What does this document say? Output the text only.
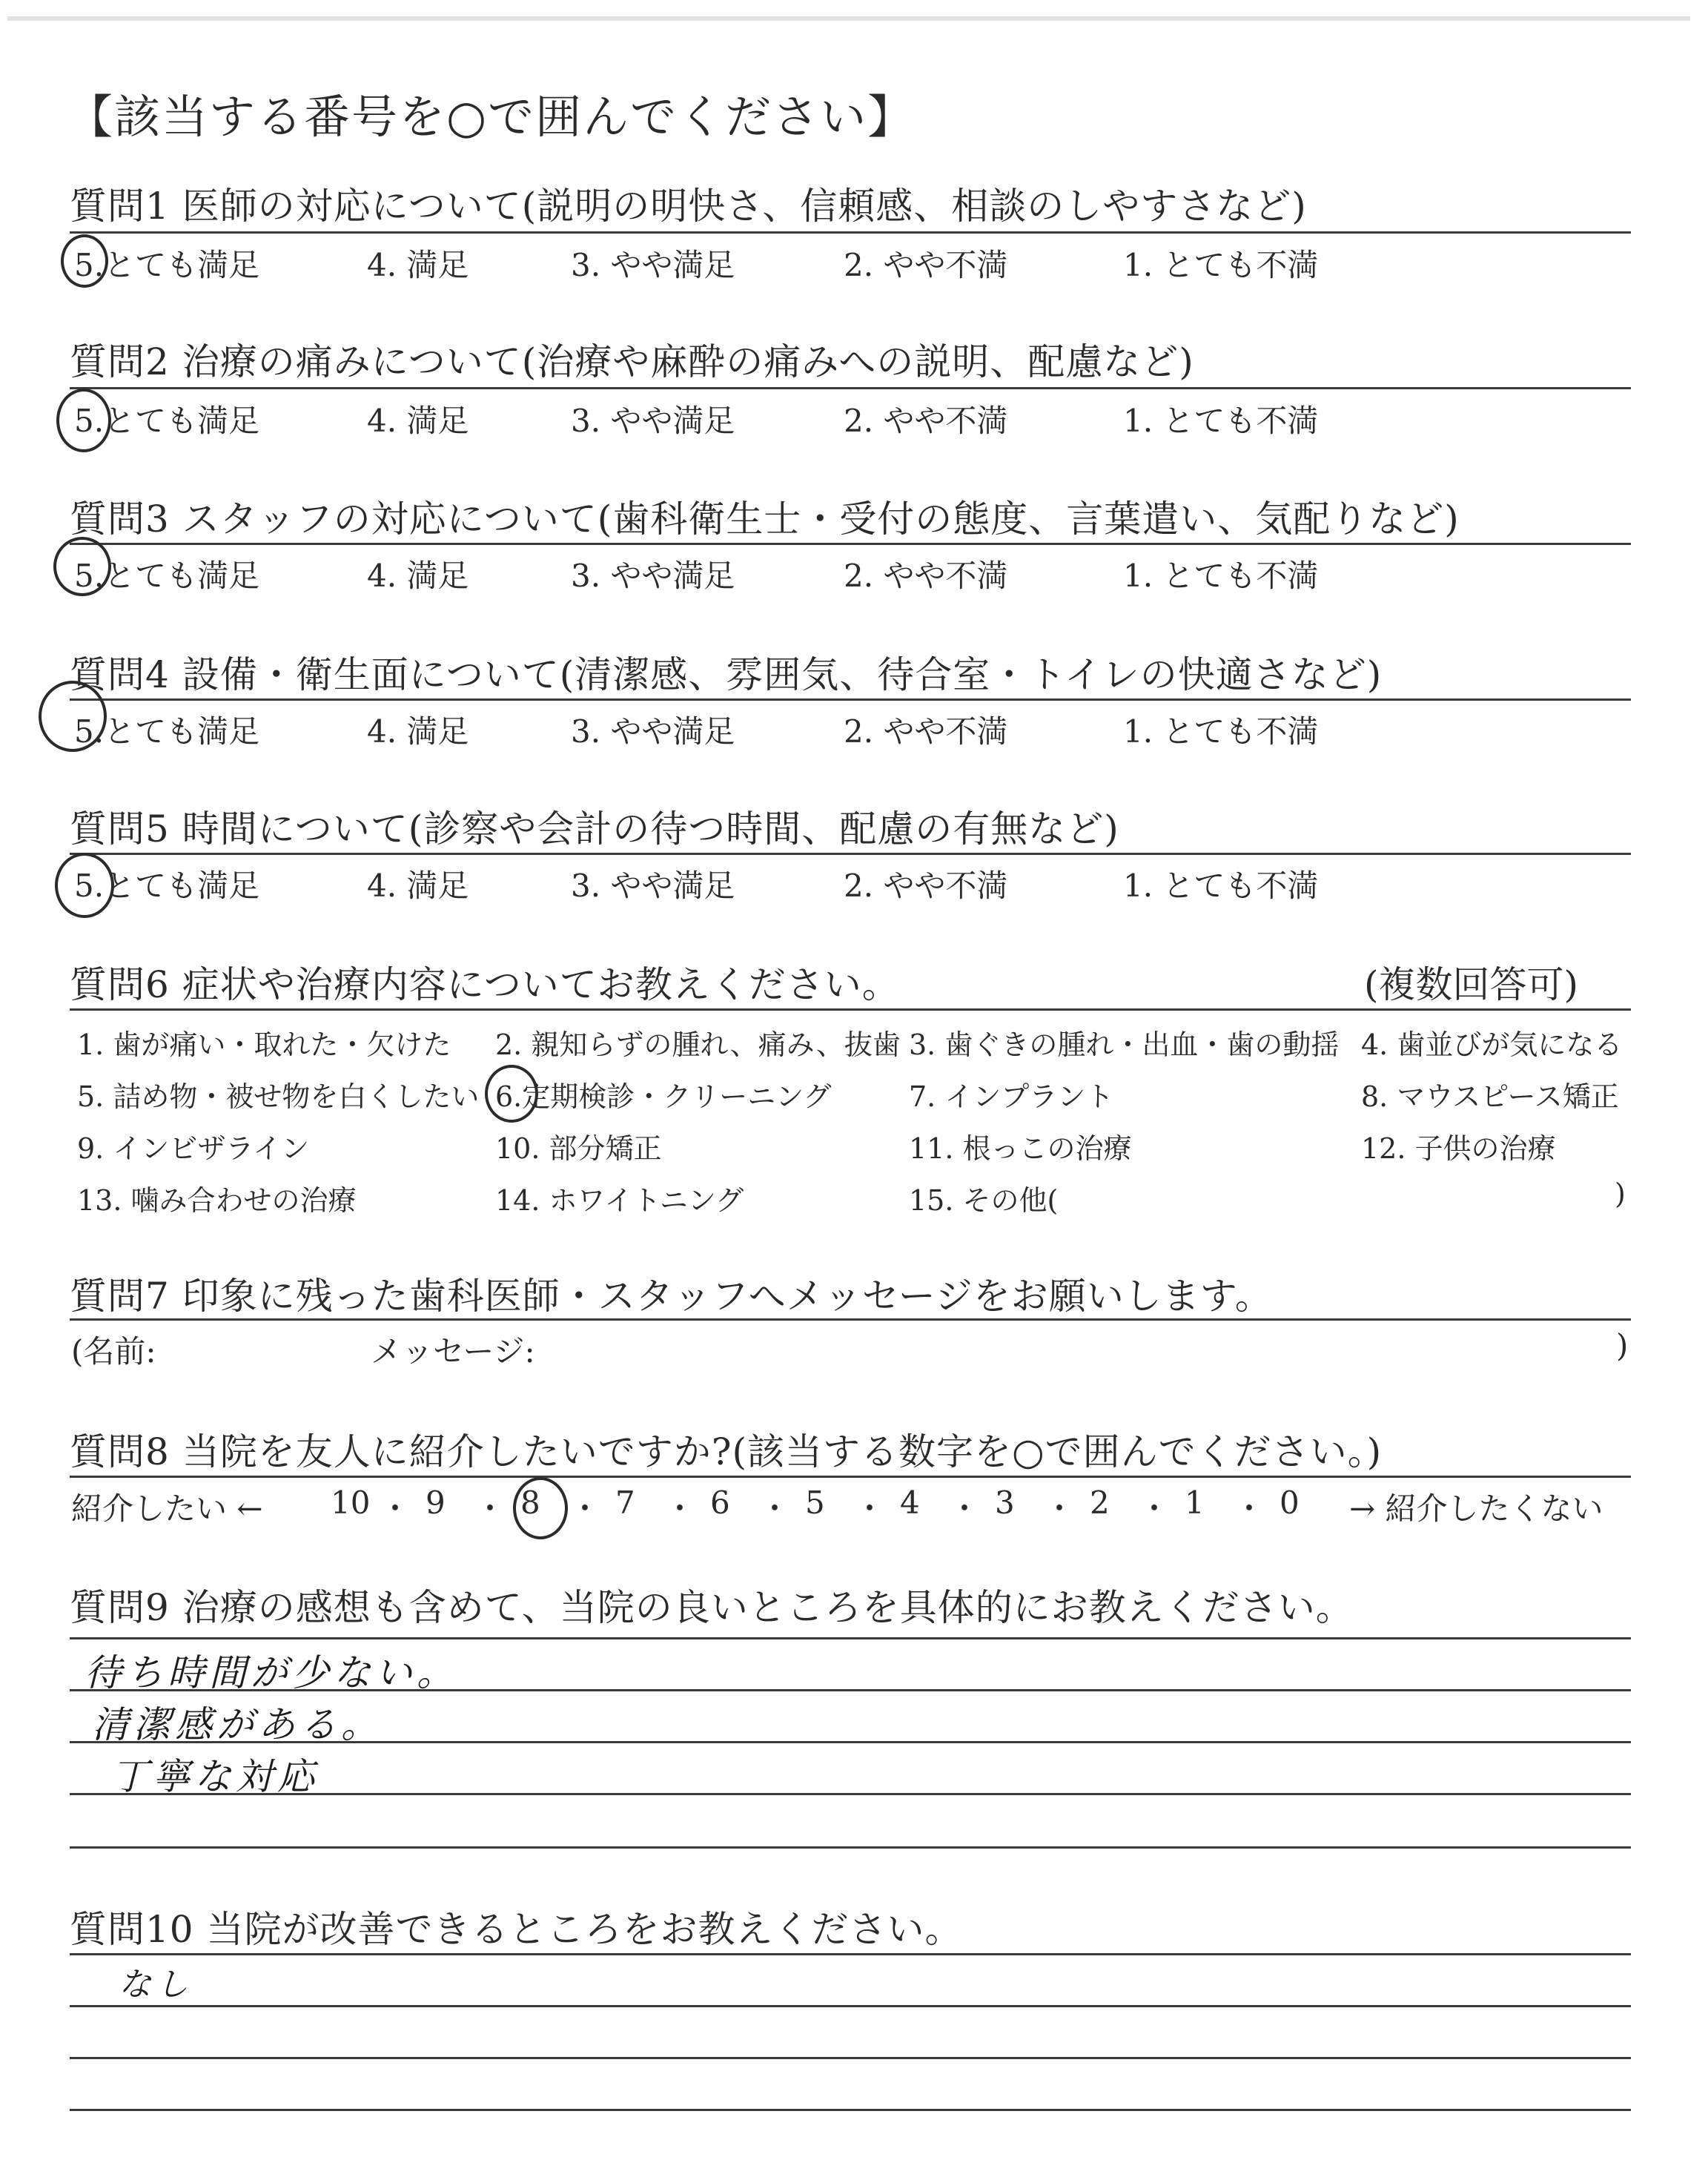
【該当する番号を○で囲んでください】
質問1 医師の対応について(説明の明快さ、信頼感、相談のしやすさなど)
5.とても満足	4. 満足	3. やや満足	2. やや不満	1. とても不満
質問2 治療の痛みについて(治療や麻酔の痛みへの説明、配慮など)
5.とても満足	4. 満足	3. やや満足	2. やや不満	1. とても不満
質問3 スタッフの対応について(歯科衛生士・受付の態度、言葉遣い、気配りなど)
5.とても満足	4. 満足	3. やや満足	2. やや不満	1. とても不満
質問4 設備・衛生面について(清潔感、雰囲気、待合室・トイレの快適さなど)
5.とても満足	4. 満足	3. やや満足	2. やや不満	1. とても不満
質問5 時間について(診察や会計の待つ時間、配慮の有無など)
5.とても満足	4. 満足	3. やや満足	2. やや不満	1. とても不満
質問6 症状や治療内容についてお教えください。	(複数回答可)
1. 歯が痛い・取れた・欠けた 2. 親知らずの腫れ、痛み、抜歯 3. 歯ぐきの腫れ・出血・歯の動揺 4. 歯並びが気になる
5. 詰め物・被せ物を白くしたい 6.定期検診・クリーニング	7. インプラント	8. マウスピース矯正
9. インビザライン	10. 部分矯正	11. 根っこの治療	12. 子供の治療
13. 噛み合わせの治療	14. ホワイトニング	15. その他(	)
質問7 印象に残った歯科医師・スタッフへメッセージをお願いします。
(名前:	メッセージ:	)
質問8 当院を友人に紹介したいですか?(該当する数字を○で囲んでください。)
紹介したい ←	→ 紹介したくない
質問9 治療の感想も含めて、当院の良いところを具体的にお教えください。
待ち時間が少ない。
清潔感がある。
丁寧な対応
質問10 当院が改善できるところをお教えください。
なし
10 ・ 9 ・ 8 ・ 7 ・ 6 ・ 5 ・ 4 ・ 3 ・ 2 ・ 1 ・ 0
